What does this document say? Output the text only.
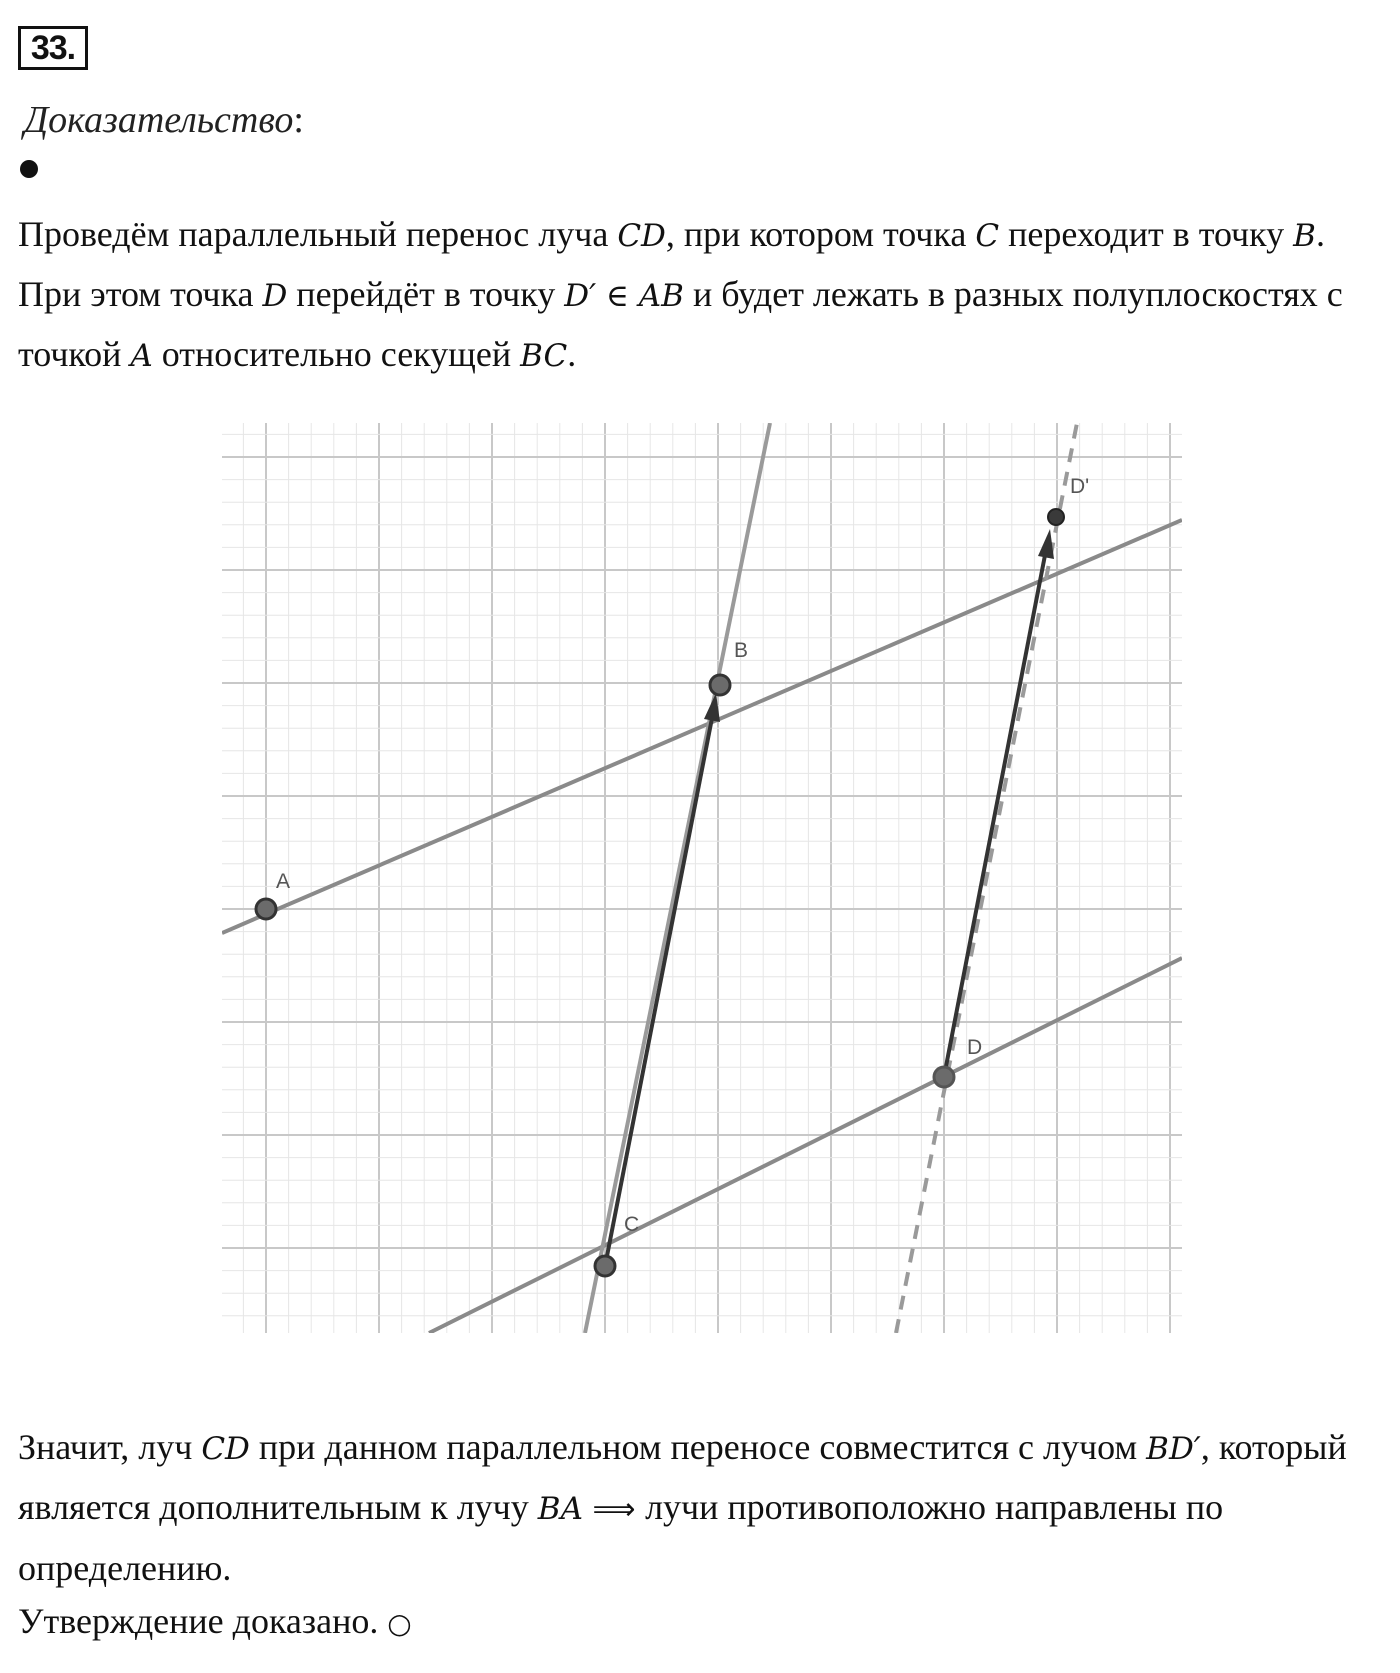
33.
Доказательство:

Проведём параллельный перенос луча CD, при котором точка C переходит в точку B. При этом точка D перейдёт в точку D′ ∈ AB и будет лежать в разных полуплоскостях с точкой A относительно секущей BC.

A
B
C
D
D'

Значит, луч CD при данном параллельном переносе совместится с лучом BD′, который является дополнительным к лучу BA ⟹ лучи противоположно направлены по определению.

Утверждение доказано. ○
